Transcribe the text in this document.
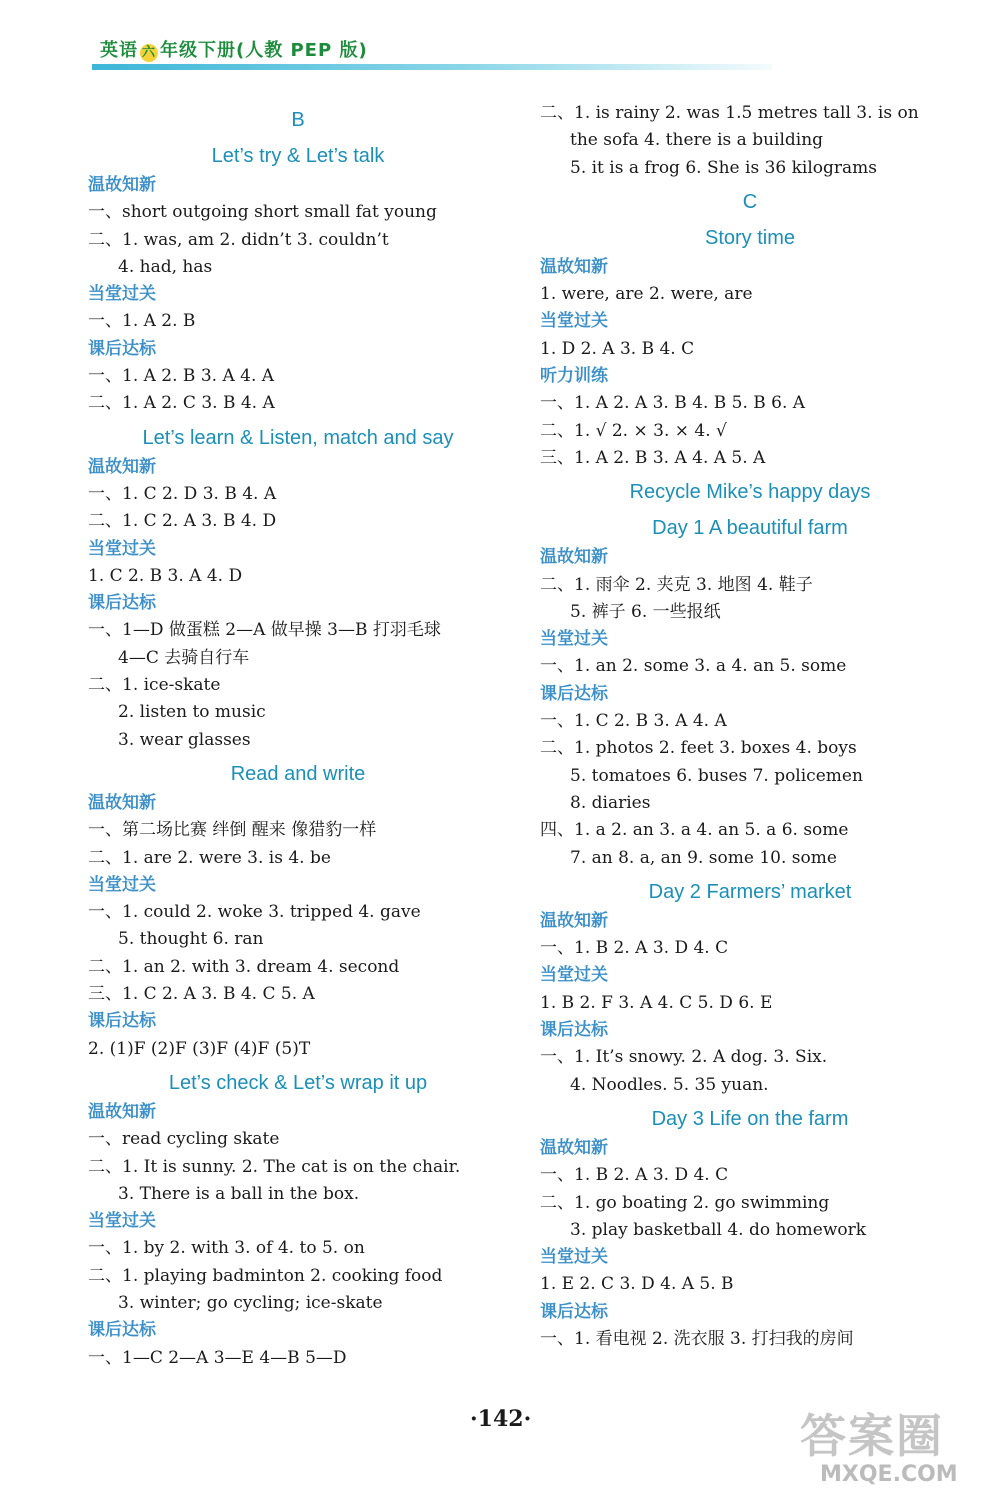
英语 六 年级下册(人教 PEP 版)
B
Let’s try & Let’s talk
温故知新
一、short outgoing short small fat young
二、1. was, am 2. didn’t 3. couldn’t
4. had, has
当堂过关
一、1. A 2. B
课后达标
一、1. A 2. B 3. A 4. A
二、1. A 2. C 3. B 4. A
Let’s learn & Listen, match and say
温故知新
一、1. C 2. D 3. B 4. A
二、1. C 2. A 3. B 4. D
当堂过关
1. C 2. B 3. A 4. D
课后达标
一、1—D 做蛋糕 2—A 做早操 3—B 打羽毛球
4—C 去骑自行车
二、1. ice-skate
2. listen to music
3. wear glasses
Read and write
温故知新
一、第二场比赛 绊倒 醒来 像猎豹一样
二、1. are 2. were 3. is 4. be
当堂过关
一、1. could 2. woke 3. tripped 4. gave
5. thought 6. ran
二、1. an 2. with 3. dream 4. second
三、1. C 2. A 3. B 4. C 5. A
课后达标
2. (1)F (2)F (3)F (4)F (5)T
Let’s check & Let’s wrap it up
温故知新
一、read cycling skate
二、1. It is sunny. 2. The cat is on the chair.
3. There is a ball in the box.
当堂过关
一、1. by 2. with 3. of 4. to 5. on
二、1. playing badminton 2. cooking food
3. winter; go cycling; ice-skate
课后达标
一、1—C 2—A 3—E 4—B 5—D
二、1. is rainy 2. was 1.5 metres tall 3. is on
the sofa 4. there is a building
5. it is a frog 6. She is 36 kilograms
C
Story time
温故知新
1. were, are 2. were, are
当堂过关
1. D 2. A 3. B 4. C
听力训练
一、1. A 2. A 3. B 4. B 5. B 6. A
二、1. √ 2. × 3. × 4. √
三、1. A 2. B 3. A 4. A 5. A
Recycle Mike’s happy days
Day 1 A beautiful farm
温故知新
二、1. 雨伞 2. 夹克 3. 地图 4. 鞋子
5. 裤子 6. 一些报纸
当堂过关
一、1. an 2. some 3. a 4. an 5. some
课后达标
一、1. C 2. B 3. A 4. A
二、1. photos 2. feet 3. boxes 4. boys
5. tomatoes 6. buses 7. policemen
8. diaries
四、1. a 2. an 3. a 4. an 5. a 6. some
7. an 8. a, an 9. some 10. some
Day 2 Farmers’ market
温故知新
一、1. B 2. A 3. D 4. C
当堂过关
1. B 2. F 3. A 4. C 5. D 6. E
课后达标
一、1. It’s snowy. 2. A dog. 3. Six.
4. Noodles. 5. 35 yuan.
Day 3 Life on the farm
温故知新
一、1. B 2. A 3. D 4. C
二、1. go boating 2. go swimming
3. play basketball 4. do homework
当堂过关
1. E 2. C 3. D 4. A 5. B
课后达标
一、1. 看电视 2. 洗衣服 3. 打扫我的房间
·142·	答案圈
MXQE.COM
